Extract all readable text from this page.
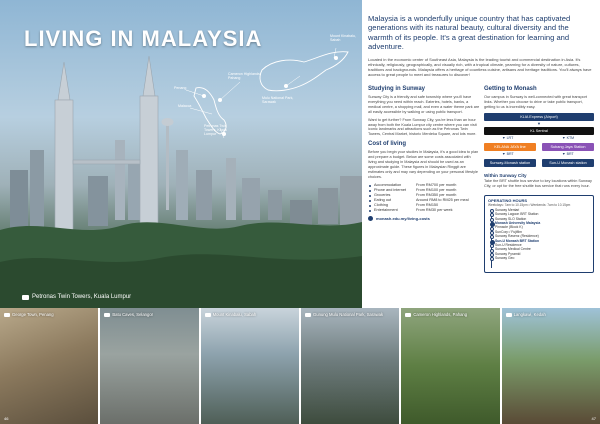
LIVING IN MALAYSIA	Mount Kinabalu, Sabah
Cameron Highlands, Pahang
Penang
Malacca
Mulu National Park, Sarawak
Petronas Twin Towers, Kuala Lumpur
Petronas Twin Towers, Kuala Lumpur

Malaysia is a wonderfully unique country that has captivated generations with its natural beauty, cultural diversity and the warmth of its people. It's a great destination for learning and adventure.

Located in the economic center of Southeast Asia, Malaysia is the leading tourist and commercial destination in Asia. It's ethnically, religiously, geographically, and visually rich, with a tropical climate, yearning for a diversity of nature, cultures, traditions and backgrounds. Malaysia offers a heritage of countless cuisine, artisans and heritage traditions. You'll always have access to great people to meet and treasures to discover!

Studying in Sunway

Sunway City is a friendly and safe township where you'll have everything you need within reach. Eateries, hotels, banks, a medical centre, a shopping mall, and even a water theme park are all easily accessible by walking or using public transport.

Want to get further? From Sunway City, you're less than an hour away from both the Kuala Lumpur city centre where you can visit iconic landmarks and attractions such as the Petronas Twin Towers, Central Market, historic Merdeka Square, and lots more.

Cost of living

Before you begin your studies in Malaysia, it's a good idea to plan and prepare a budget. Below are some costs associated with living and studying in Malaysia and should be used as an approximate guide. These figures in Malaysian Ringgit are estimates only and may vary depending on your personal lifestyle choices.

Accommodation	From RM700 per month
Phone and internet	From RM100 per month
Groceries	From RM350 per month
Eating out	Around RM8 to RM25 per meal
Clothing	From RM150
Entertainment	From RM30 per week
monash.edu.my/living-costs
Getting to Monash

Our campus in Sunway is well-connected with great transport links. Whether you choose to drive or take public transport, getting to us is incredibly easy.

KLIA Express (Airport)
▼
KL Sentral
▼ LRT	▼ KTM
KELANA JAYA line	Subang Jaya Station
▼ BRT	▼ BRT
Sunway-Monash station	Sun-U Monash station
Within Sunway City

Take the BRT shuttle bus service to key locations within Sunway City, or opt for the free shuttle bus service that runs every hour.

OPERATING HOURS
Weekdays: 7am to 10.15pm • Weekends: 7am to 10.15pm
Sunway Mentari
Sunway Lagoon BRT Station
Sunway SLO Station
Monash University Malaysia
Pinnacle (Block K)
SunCorp / Fujifilm
Sunway Ravenz (Residence)
Sun-U Monash BRT Station
Sun-U Residence
Sunway Medical Centre
Sunway Pyramid
Sunway Geo
George Town, Penang
46
Batu Caves, Selangor	Mount Kinabalu, Sabah	Gunung Mulu National Park, Sarawak	Cameron Highlands, Pahang	Langkawi, Kedah
47
